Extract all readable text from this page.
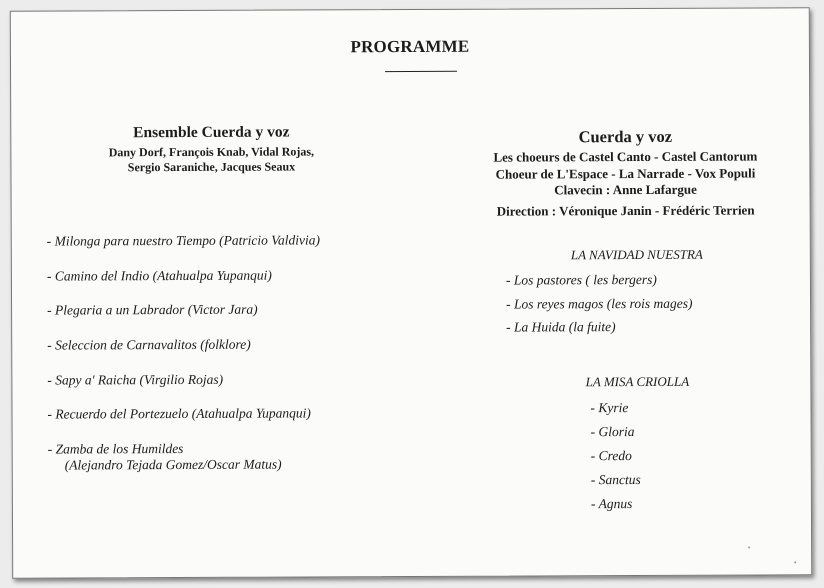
PROGRAMME
Ensemble Cuerda y voz
Dany Dorf, François Knab, Vidal Rojas,
Sergio Saraniche, Jacques Seaux
- Milonga para nuestro Tiempo (Patricio Valdivia)
- Camino del Indio (Atahualpa Yupanqui)
- Plegaria a un Labrador (Victor Jara)
- Seleccion de Carnavalitos (folklore)
- Sapy a' Raicha (Virgilio Rojas)
- Recuerdo del Portezuelo (Atahualpa Yupanqui)
- Zamba de los Humildes
(Alejandro Tejada Gomez/Oscar Matus)
Cuerda y voz
Les choeurs de Castel Canto - Castel Cantorum
Choeur de L'Espace - La Narrade - Vox Populi
Clavecin : Anne Lafargue
Direction : Véronique Janin - Frédéric Terrien
LA NAVIDAD NUESTRA
- Los pastores ( les bergers)
- Los reyes magos (les rois mages)
- La Huida (la fuite)
LA MISA CRIOLLA
- Kyrie
- Gloria
- Credo
- Sanctus
- Agnus
